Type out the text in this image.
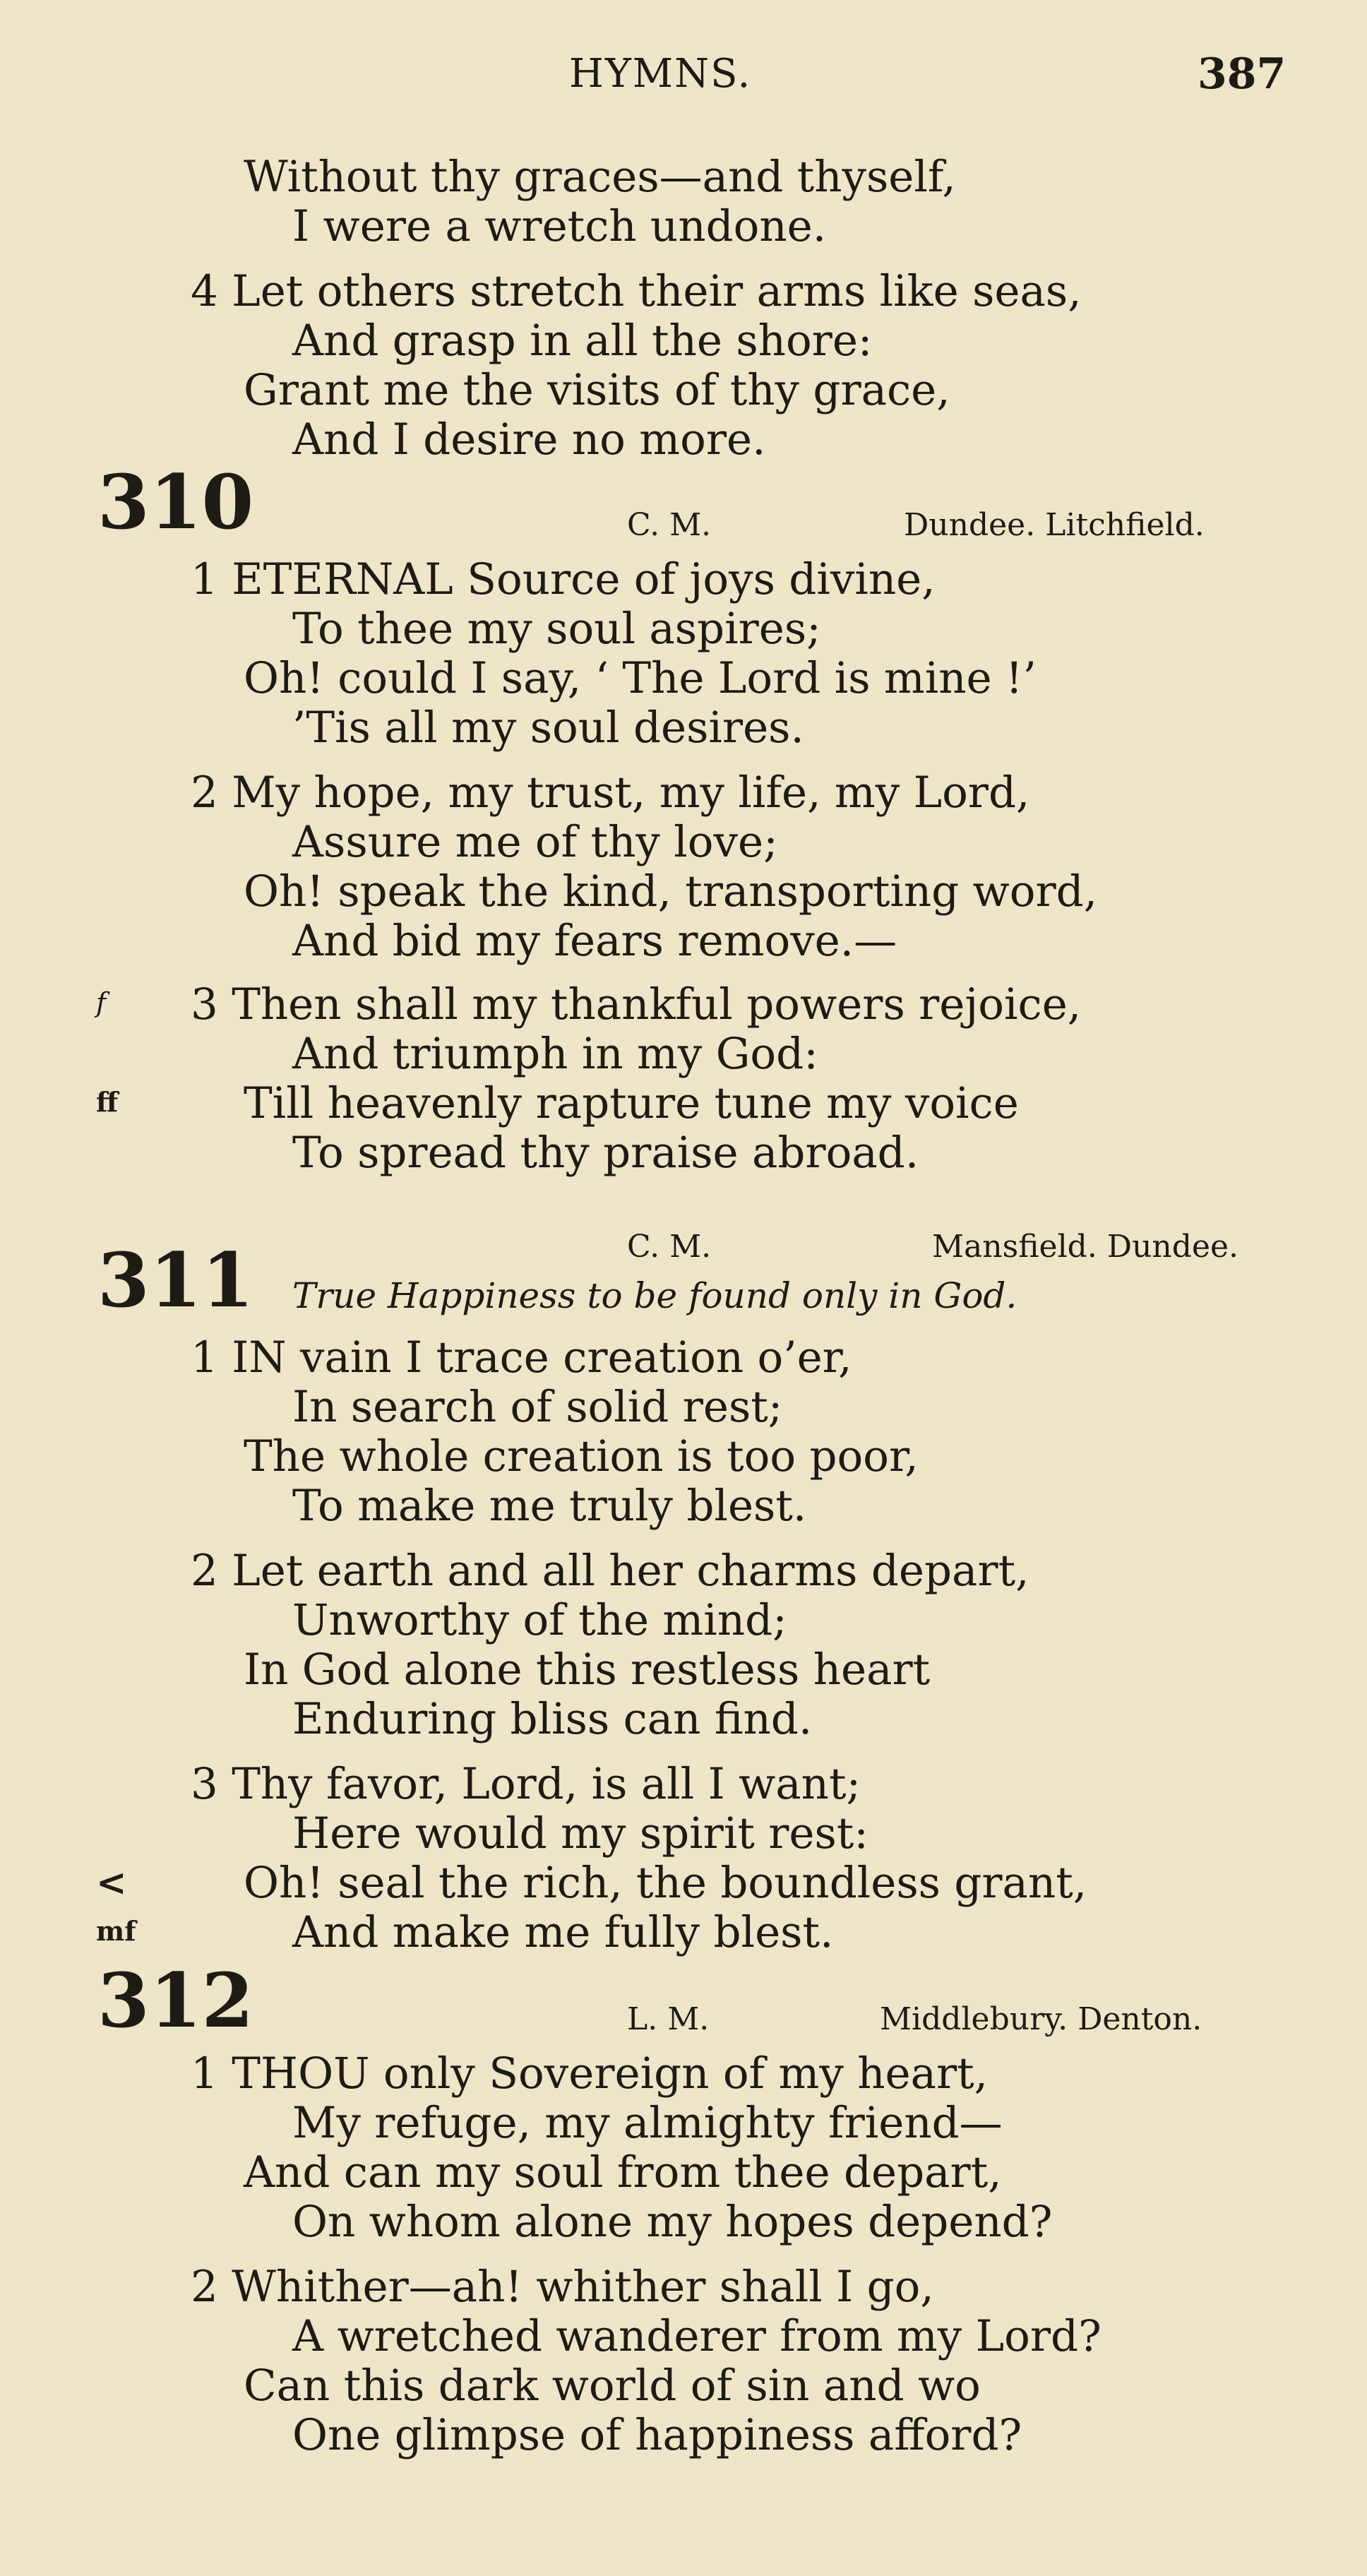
HYMNS.	387
Without thy graces—and thyself,
I were a wretch undone.
4 Let others stretch their arms like seas,
And grasp in all the shore:
Grant me the visits of thy grace,
And I desire no more.
310	C. M.	Dundee. Litchfield.
1 ETERNAL Source of joys divine,
To thee my soul aspires;
Oh! could I say, ‘ The Lord is mine !’
’Tis all my soul desires.
2 My hope, my trust, my life, my Lord,
Assure me of thy love;
Oh! speak the kind, transporting word,
And bid my fears remove.—
f 3 Then shall my thankful powers rejoice,
And triumph in my God:
ff	Till heavenly rapture tune my voice
To spread thy praise abroad.
C. M.	Mansfield. Dundee.
311 True Happiness to be found only in God.
1 IN vain I trace creation o’er,
In search of solid rest;
The whole creation is too poor,
To make me truly blest.
2 Let earth and all her charms depart,
Unworthy of the mind;
In God alone this restless heart
Enduring bliss can find.
3 Thy favor, Lord, is all I want;
Here would my spirit rest:
<	Oh! seal the rich, the boundless grant,
mf	And make me fully blest.
312	L. M.	Middlebury. Denton.
1 THOU only Sovereign of my heart,
My refuge, my almighty friend—
And can my soul from thee depart,
On whom alone my hopes depend?
2 Whither—ah! whither shall I go,
A wretched wanderer from my Lord?
Can this dark world of sin and wo
One glimpse of happiness afford?
